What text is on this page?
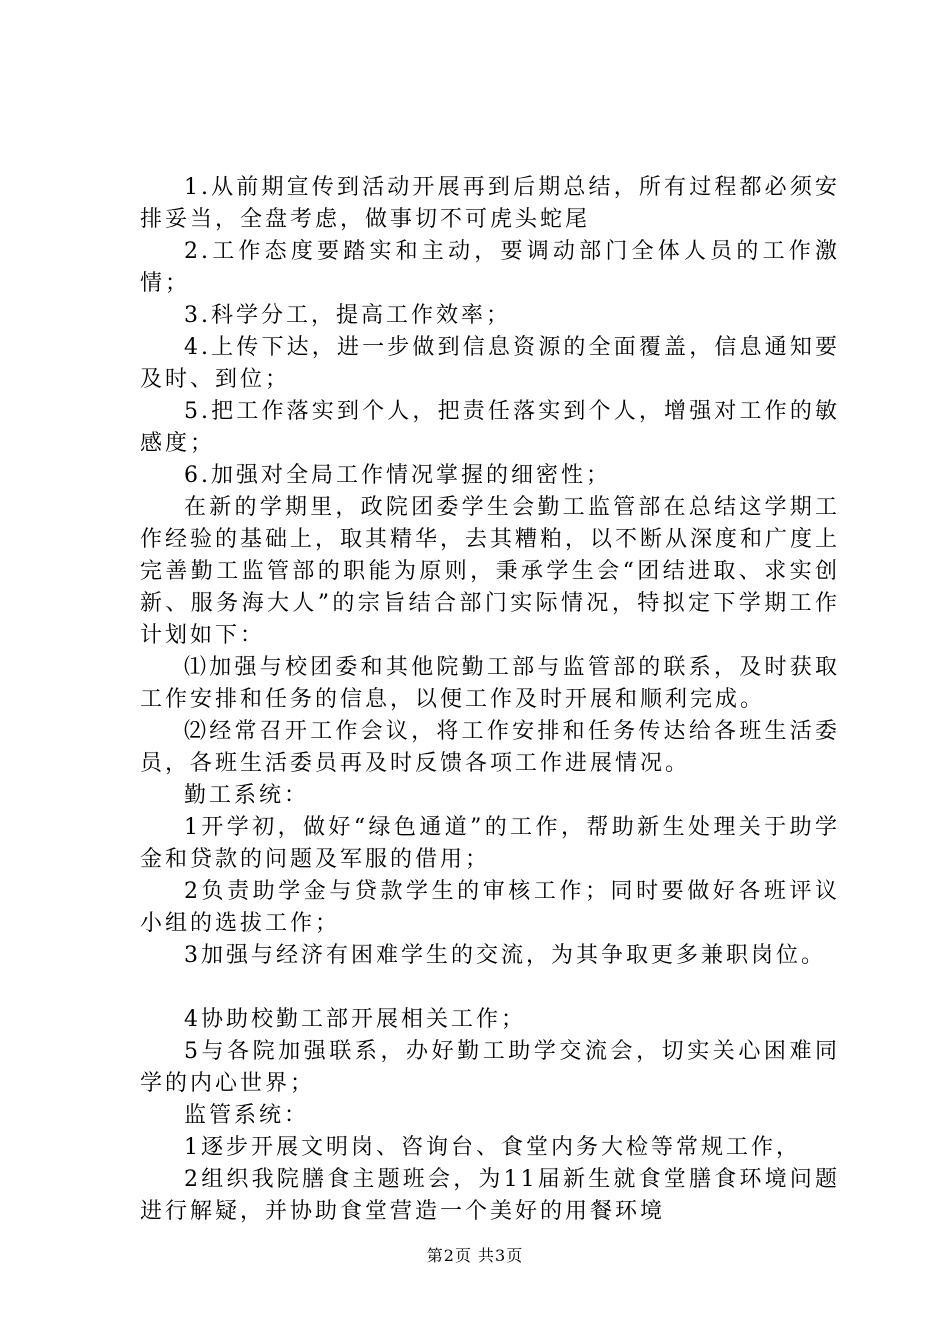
1.从前期宣传到活动开展再到后期总结，所有过程都必须安排妥当，全盘考虑，做事切不可虎头蛇尾

2.工作态度要踏实和主动，要调动部门全体人员的工作激情；

3.科学分工，提高工作效率；

4.上传下达，进一步做到信息资源的全面覆盖，信息通知要及时、到位；

5.把工作落实到个人，把责任落实到个人，增强对工作的敏感度；

6.加强对全局工作情况掌握的细密性；

在新的学期里，政院团委学生会勤工监管部在总结这学期工作经验的基础上，取其精华，去其糟粕，以不断从深度和广度上完善勤工监管部的职能为原则，秉承学生会“团结进取、求实创新、服务海大人”的宗旨结合部门实际情况，特拟定下学期工作计划如下：

⑴加强与校团委和其他院勤工部与监管部的联系，及时获取工作安排和任务的信息，以便工作及时开展和顺利完成。

⑵经常召开工作会议，将工作安排和任务传达给各班生活委员，各班生活委员再及时反馈各项工作进展情况。

勤工系统：

1开学初，做好“绿色通道”的工作，帮助新生处理关于助学金和贷款的问题及军服的借用；

2负责助学金与贷款学生的审核工作；同时要做好各班评议小组的选拔工作；

3加强与经济有困难学生的交流，为其争取更多兼职岗位。

4协助校勤工部开展相关工作；

5与各院加强联系，办好勤工助学交流会，切实关心困难同学的内心世界；

监管系统：

1逐步开展文明岗、咨询台、食堂内务大检等常规工作，

2组织我院膳食主题班会，为11届新生就食堂膳食环境问题进行解疑，并协助食堂营造一个美好的用餐环境

第2页 共3页
